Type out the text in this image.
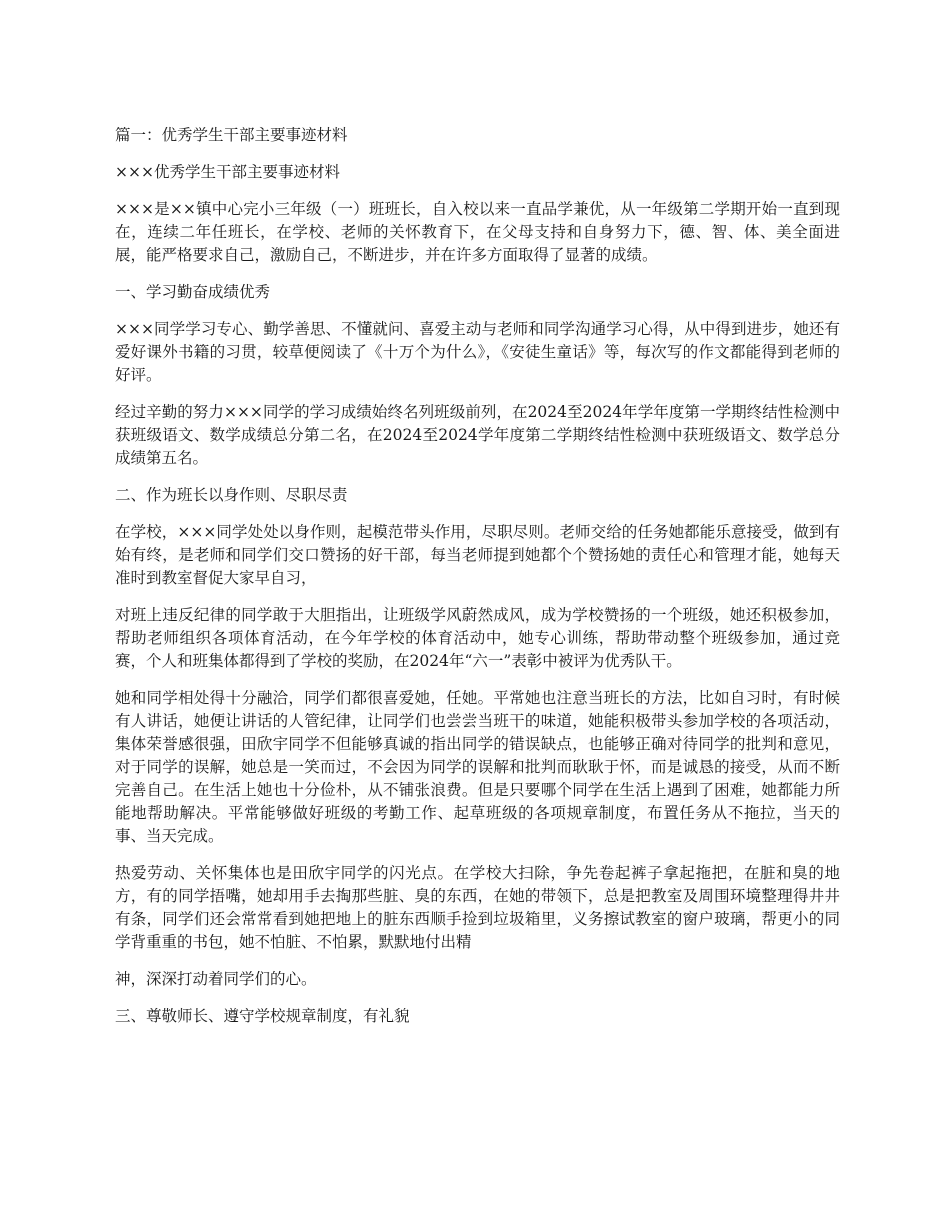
篇一：优秀学生干部主要事迹材料

×××优秀学生干部主要事迹材料

×××是××镇中心完小三年级（一）班班长，自入校以来一直品学兼优，从一年级第二学期开始一直到现在，连续二年任班长，在学校、老师的关怀教育下，在父母支持和自身努力下，德、智、体、美全面进展，能严格要求自己，激励自己，不断进步，并在许多方面取得了显著的成绩。

一、学习勤奋成绩优秀

×××同学学习专心、勤学善思、不懂就问、喜爱主动与老师和同学沟通学习心得，从中得到进步，她还有爱好课外书籍的习贯，较草便阅读了《十万个为什么》，《安徒生童话》等，每次写的作文都能得到老师的好评。

经过辛勤的努力×××同学的学习成绩始终名列班级前列，在2024至2024年学年度第一学期终结性检测中获班级语文、数学成绩总分第二名，在2024至2024学年度第二学期终结性检测中获班级语文、数学总分成绩第五名。

二、作为班长以身作则、尽职尽责

在学校，×××同学处处以身作则，起模范带头作用，尽职尽则。老师交给的任务她都能乐意接受，做到有始有终，是老师和同学们交口赞扬的好干部，每当老师提到她都个个赞扬她的责任心和管理才能，她每天准时到教室督促大家早自习，

对班上违反纪律的同学敢于大胆指出，让班级学风蔚然成风，成为学校赞扬的一个班级，她还积极参加，帮助老师组织各项体育活动，在今年学校的体育活动中，她专心训练，帮助带动整个班级参加，通过竞赛，个人和班集体都得到了学校的奖励，在2024年“六一”表彰中被评为优秀队干。

她和同学相处得十分融洽，同学们都很喜爱她，任她。平常她也注意当班长的方法，比如自习时，有时候有人讲话，她便让讲话的人管纪律，让同学们也尝尝当班干的味道，她能积极带头参加学校的各项活动，集体荣誉感很强，田欣宇同学不但能够真诚的指出同学的错误缺点，也能够正确对待同学的批判和意见，对于同学的误解，她总是一笑而过，不会因为同学的误解和批判而耿耿于怀，而是诚恳的接受，从而不断完善自己。在生活上她也十分俭朴，从不铺张浪费。但是只要哪个同学在生活上遇到了困难，她都能力所能地帮助解决。平常能够做好班级的考勤工作、起草班级的各项规章制度，布置任务从不拖拉，当天的事、当天完成。

热爱劳动、关怀集体也是田欣宇同学的闪光点。在学校大扫除，争先卷起裤子拿起拖把，在脏和臭的地方，有的同学捂嘴，她却用手去掏那些脏、臭的东西，在她的带领下，总是把教室及周围环境整理得井井有条，同学们还会常常看到她把地上的脏东西顺手捡到垃圾箱里，义务擦试教室的窗户玻璃，帮更小的同学背重重的书包，她不怕脏、不怕累，默默地付出精

神，深深打动着同学们的心。

三、尊敬师长、遵守学校规章制度，有礼貌
